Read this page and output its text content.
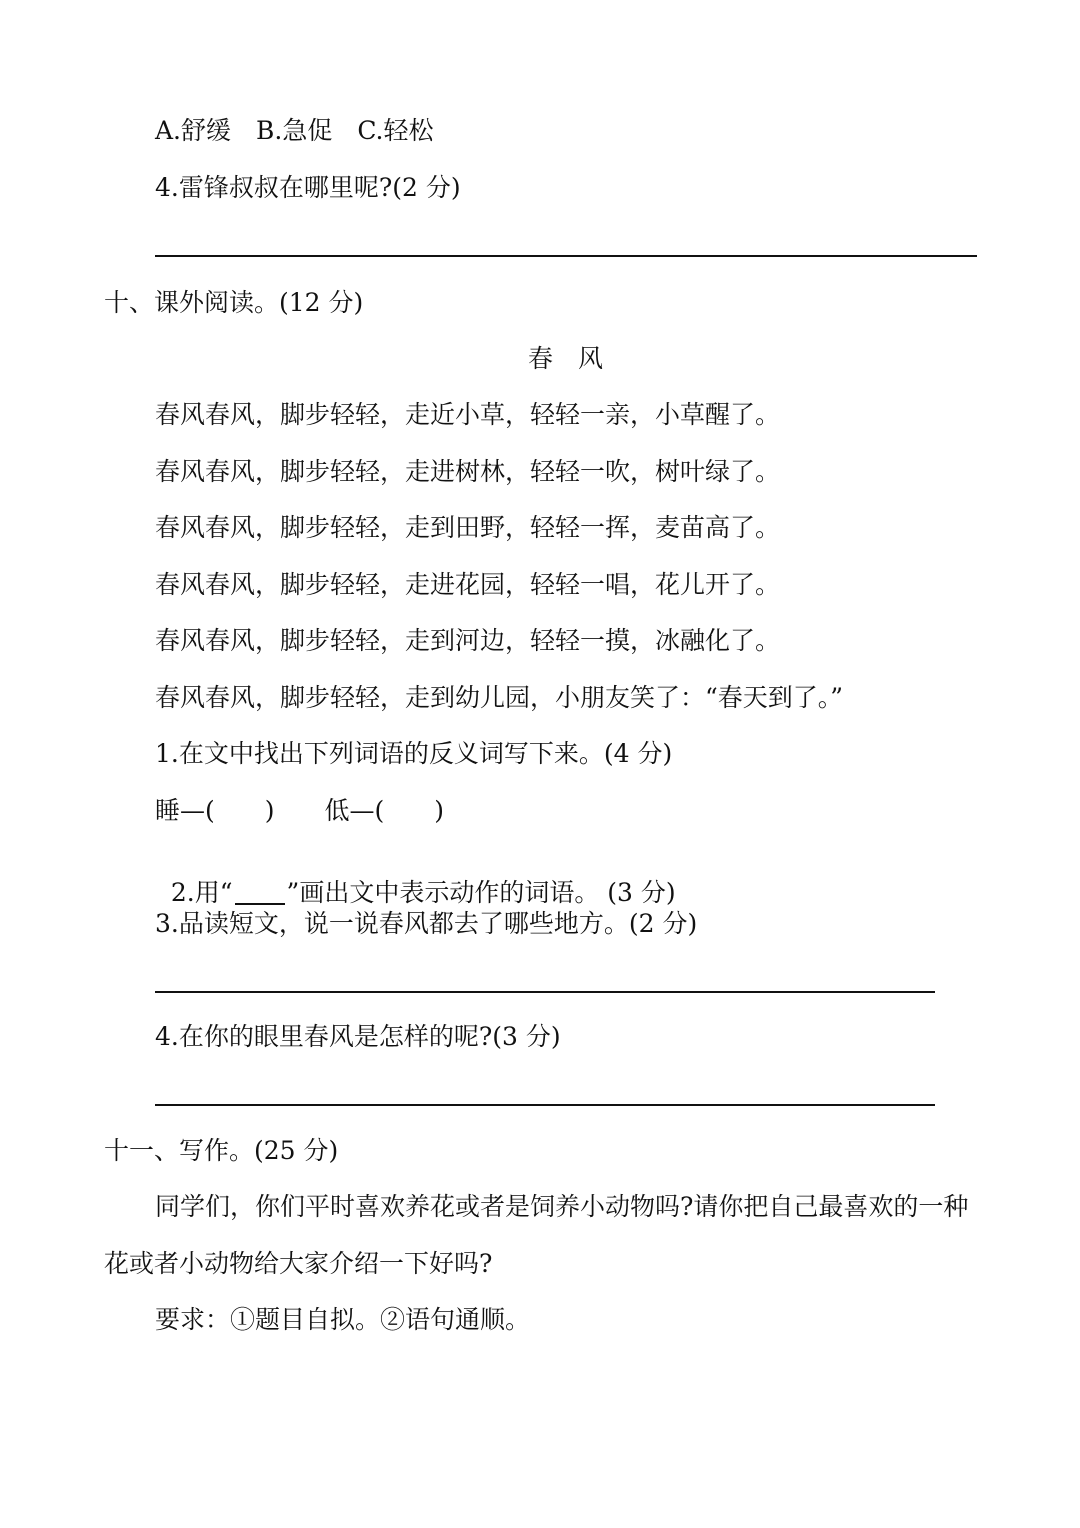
A.舒缓　B.急促　C.轻松
4.雷锋叔叔在哪里呢?(2 分)
十、课外阅读。(12 分)
春　风
春风春风，脚步轻轻，走近小草，轻轻一亲，小草醒了。
春风春风，脚步轻轻，走进树林，轻轻一吹，树叶绿了。
春风春风，脚步轻轻，走到田野，轻轻一挥，麦苗高了。
春风春风，脚步轻轻，走进花园，轻轻一唱，花儿开了。
春风春风，脚步轻轻，走到河边，轻轻一摸，冰融化了。
春风春风，脚步轻轻，走到幼儿园，小朋友笑了：“春天到了。”
1.在文中找出下列词语的反义词写下来。(4 分)
睡—(　　)　　低—(　　)

2.用“ ”画出文中表示动作的词语。 (3 分)

3.品读短文，说一说春风都去了哪些地方。(2 分)
4.在你的眼里春风是怎样的呢?(3 分)
十一、写作。(25 分)
同学们，你们平时喜欢养花或者是饲养小动物吗?请你把自己最喜欢的一种
花或者小动物给大家介绍一下好吗?
要求：①题目自拟。②语句通顺。
